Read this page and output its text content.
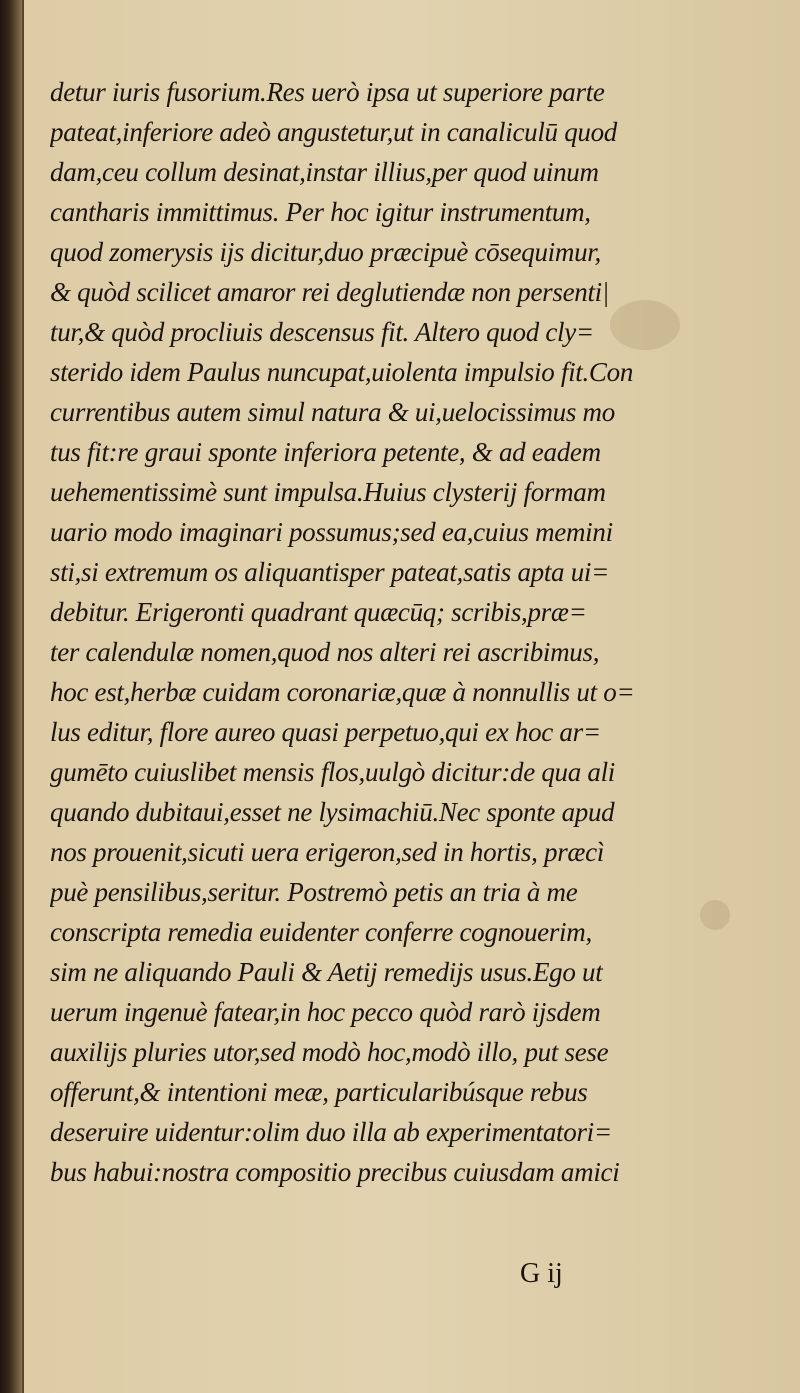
detur iuris fusorium.Res uerò ipsa ut superiore parte
pateat,inferiore adeò angustetur,ut in canaliculū quod
dam,ceu collum desinat,instar illius,per quod uinum
cantharis immittimus. Per hoc igitur instrumentum,
quod zomerysis ijs dicitur,duo præcipuè cōsequimur,
& quòd scilicet amaror rei deglutiendæ non persenti|
tur,& quòd procliuis descensus fit. Altero quod cly=
sterido idem Paulus nuncupat,uiolenta impulsio fit.Con
currentibus autem simul natura & ui,uelocissimus mo
tus fit:re graui sponte inferiora petente, & ad eadem
uehementissimè sunt impulsa.Huius clysterij formam
uario modo imaginari possumus;sed ea,cuius memini
sti,si extremum os aliquantisper pateat,satis apta ui=
debitur. Erigeronti quadrant quæcūq; scribis,præ=
ter calendulæ nomen,quod nos alteri rei ascribimus,
hoc est,herbæ cuidam coronariæ,quæ à nonnullis ut o=
lus editur, flore aureo quasi perpetuo,qui ex hoc ar=
gumēto cuiuslibet mensis flos,uulgò dicitur:de qua ali
quando dubitaui,esset ne lysimachiū.Nec sponte apud
nos prouenit,sicuti uera erigeron,sed in hortis, præcì
puè pensilibus,seritur. Postremò petis an tria à me
conscripta remedia euidenter conferre cognouerim,
sim ne aliquando Pauli & Aetij remedijs usus.Ego ut
uerum ingenuè fatear,in hoc pecco quòd rarò ijsdem
auxilijs pluries utor,sed modò hoc,modò illo, put sese
offerunt,& intentioni meæ, particularibúsque rebus
deseruire uidentur:olim duo illa ab experimentatori=
bus habui:nostra compositio precibus cuiusdam amici
G ij
